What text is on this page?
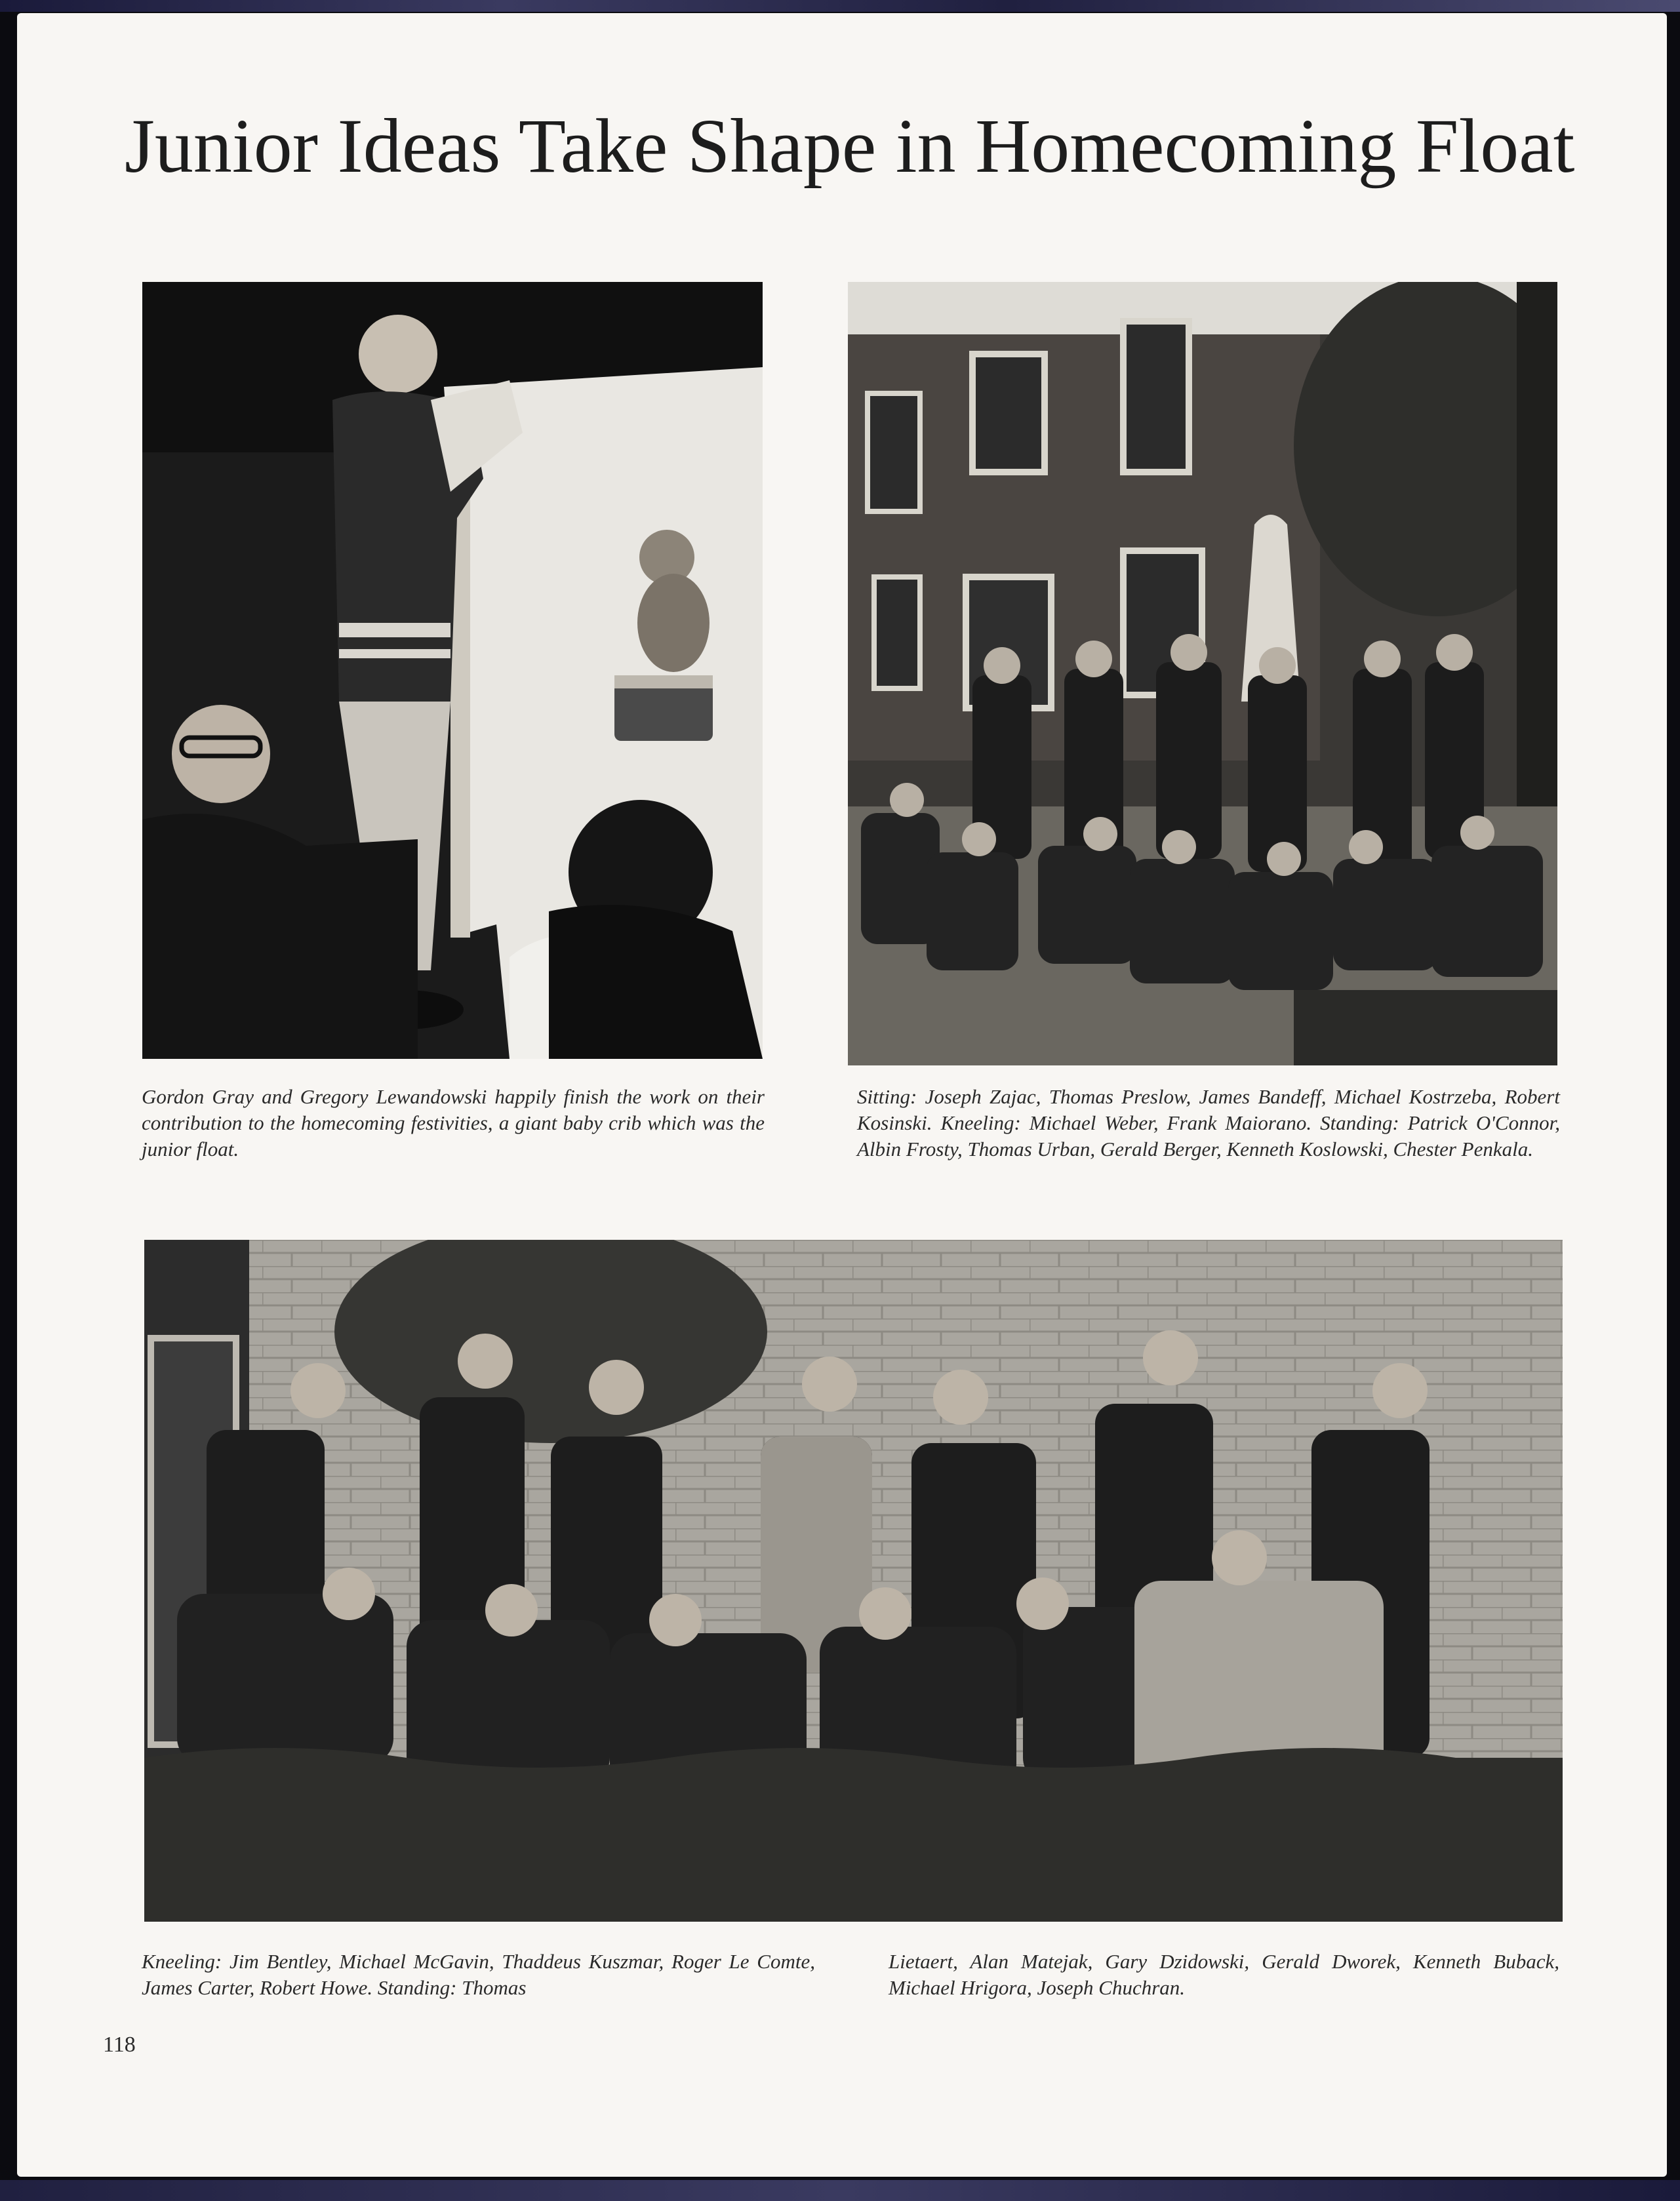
Junior Ideas Take Shape in Homecoming Float

Gordon Gray and Gregory Lewandowski happily finish the work on their contribution to the homecoming festivities, a giant baby crib which was the junior float.

Sitting: Joseph Zajac, Thomas Preslow, James Bandeff, Michael Kostrzeba, Robert Kosinski. Kneeling: Michael Weber, Frank Maiorano. Standing: Patrick O'Connor, Albin Frosty, Thomas Urban, Gerald Berger, Kenneth Koslowski, Chester Penkala.

Kneeling: Jim Bentley, Michael McGavin, Thaddeus Kuszmar, Roger Le Comte, James Carter, Robert Howe. Standing: Thomas

Lietaert, Alan Matejak, Gary Dzidowski, Gerald Dworek, Kenneth Buback, Michael Hrigora, Joseph Chuchran.

118
